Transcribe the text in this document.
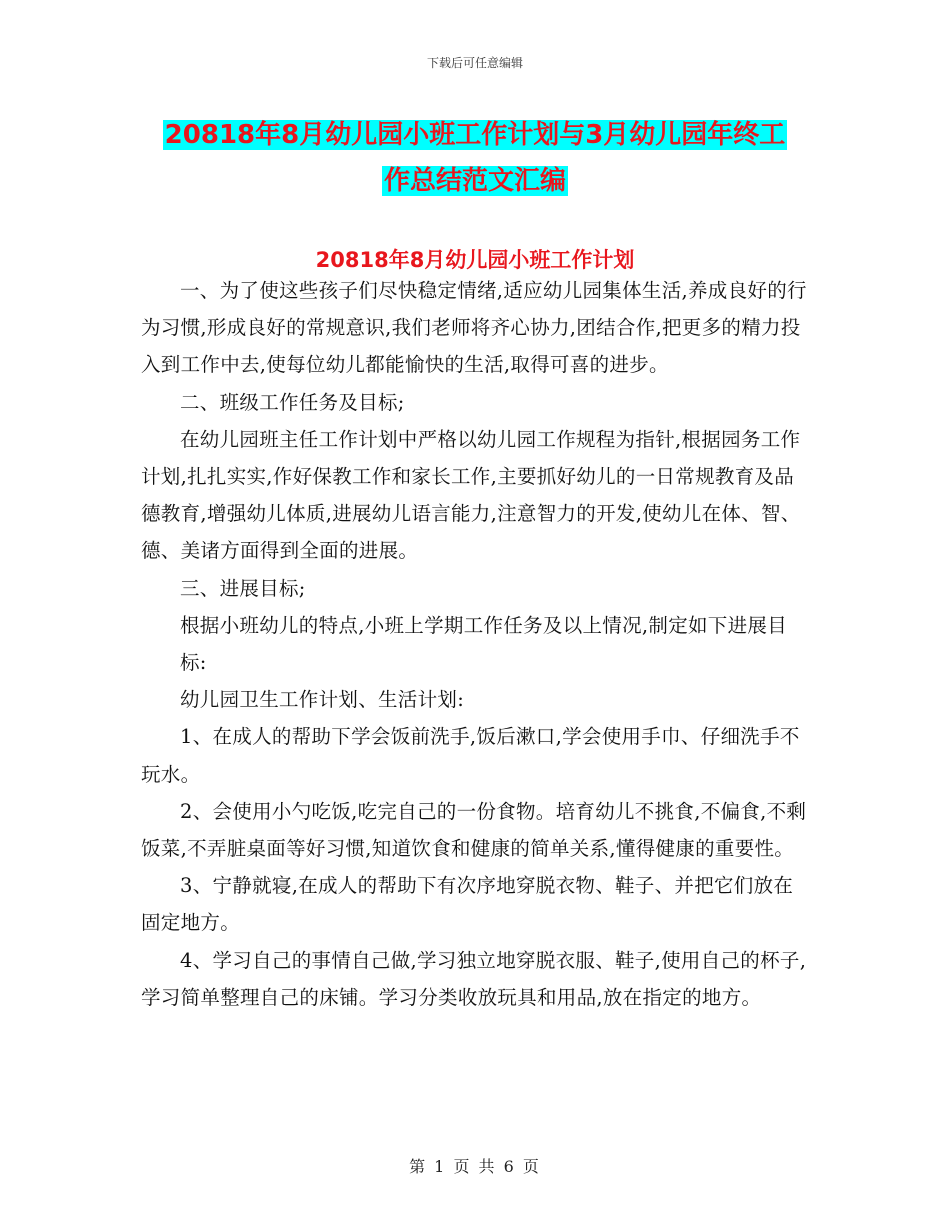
下载后可任意编辑
20818年8月幼儿园小班工作计划与3月幼儿园年终工
作总结范文汇编
20818年8月幼儿园小班工作计划

一、为了使这些孩子们尽快稳定情绪,适应幼儿园集体生活,养成良好的行为习惯,形成良好的常规意识,我们老师将齐心协力,团结合作,把更多的精力投入到工作中去,使每位幼儿都能愉快的生活,取得可喜的进步。

二、班级工作任务及目标;

在幼儿园班主任工作计划中严格以幼儿园工作规程为指针,根据园务工作计划,扎扎实实,作好保教工作和家长工作,主要抓好幼儿的一日常规教育及品德教育,增强幼儿体质,进展幼儿语言能力,注意智力的开发,使幼儿在体、智、德、美诸方面得到全面的进展。

三、进展目标;

根据小班幼儿的特点,小班上学期工作任务及以上情况,制定如下进展目标:

幼儿园卫生工作计划、生活计划:

1、在成人的帮助下学会饭前洗手,饭后漱口,学会使用手巾、仔细洗手不玩水。

2、会使用小勺吃饭,吃完自己的一份食物。培育幼儿不挑食,不偏食,不剩饭菜,不弄脏桌面等好习惯,知道饮食和健康的简单关系,懂得健康的重要性。

3、宁静就寝,在成人的帮助下有次序地穿脱衣物、鞋子、并把它们放在固定地方。

4、学习自己的事情自己做,学习独立地穿脱衣服、鞋子,使用自己的杯子,学习简单整理自己的床铺。学习分类收放玩具和用品,放在指定的地方。

第 1 页 共 6 页
